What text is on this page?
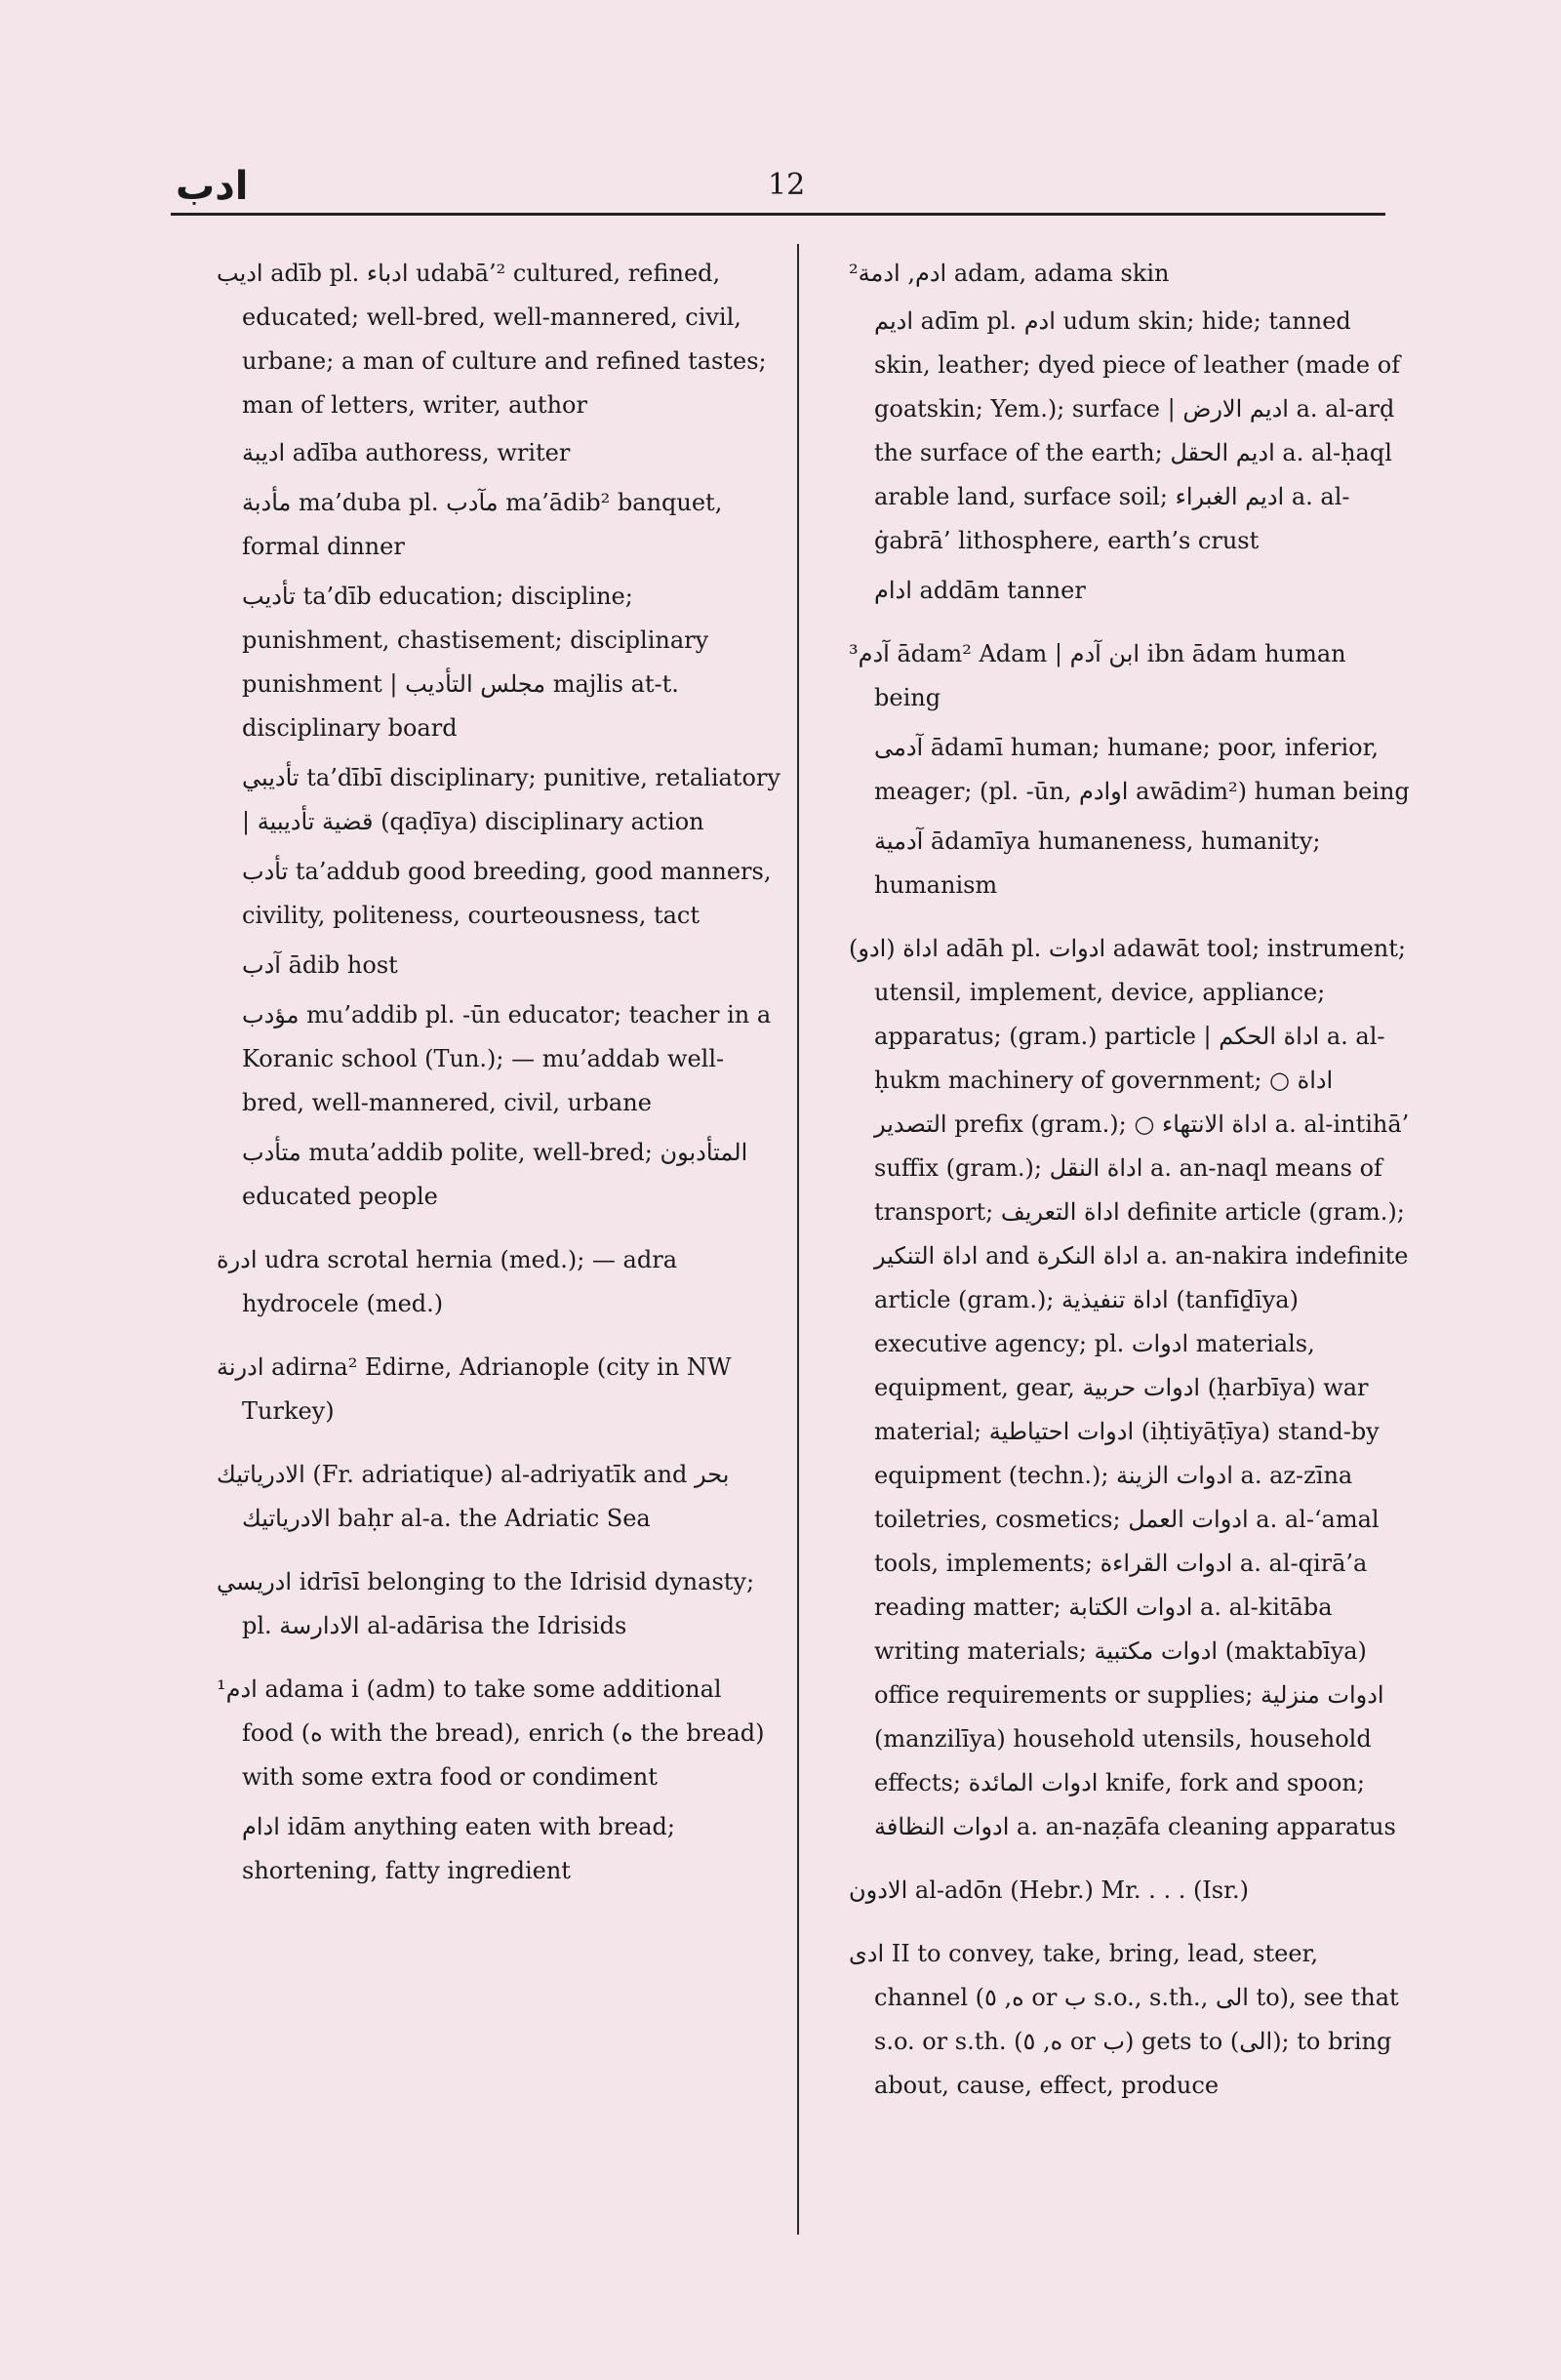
ادب	12

اديب adīb pl. ادباء udabā’² cultured, refined, educated; well-bred, well-mannered, civil, urbane; a man of culture and refined tastes; man of letters, writer, author

اديبة adība authoress, writer

مأدبة ma’duba pl. مآدب ma’ādib² banquet, formal dinner

تأديب ta’dīb education; discipline; punishment, chastisement; disciplinary punishment | مجلس التأديب majlis at-t. disciplinary board

تأديبي ta’dībī disciplinary; punitive, retaliatory | قضية تأديبية (qaḍīya) disciplinary action

تأدب ta’addub good breeding, good manners, civility, politeness, courteousness, tact

آدب ādib host

مؤدب mu’addib pl. -ūn educator; teacher in a Koranic school (Tun.); — mu’addab well-bred, well-mannered, civil, urbane

متأدب muta’addib polite, well-bred; المتأدبون educated people

ادرة udra scrotal hernia (med.); — adra hydrocele (med.)

ادرنة adirna² Edirne, Adrianople (city in NW Turkey)

الادرياتيك (Fr. adriatique) al-adriyatīk and بحر الادرياتيك baḥr al-a. the Adriatic Sea

ادريسي idrīsī belonging to the Idrisid dynasty; pl. الادارسة al-adārisa the Idrisids

¹ادم adama i (adm) to take some additional food (ه with the bread), enrich (ه the bread) with some extra food or condiment

ادام idām anything eaten with bread; shortening, fatty ingredient

²ادم, ادمة adam, adama skin

اديم adīm pl. ادم udum skin; hide; tanned skin, leather; dyed piece of leather (made of goatskin; Yem.); surface | اديم الارض a. al-arḍ the surface of the earth; اديم الحقل a. al-ḥaql arable land, surface soil; اديم الغبراء a. al-ġabrā’ lithosphere, earth’s crust

ادام addām tanner

³آدم ādam² Adam | ابن آدم ibn ādam human being

آدمى ādamī human; humane; poor, inferior, meager; (pl. -ūn, اوادم awādim²) human being

آدمية ādamīya humaneness, humanity; humanism

اداة (ادو) adāh pl. ادوات adawāt tool; instrument; utensil, implement, device, appliance; apparatus; (gram.) particle | اداة الحكم a. al-ḥukm machinery of government; ○ اداة التصدير prefix (gram.); ○ اداة الانتهاء a. al-intihā’ suffix (gram.); اداة النقل a. an-naql means of transport; اداة التعريف definite article (gram.); اداة التنكير and اداة النكرة a. an-nakira indefinite article (gram.); اداة تنفيذية (tanfīḏīya) executive agency; pl. ادوات materials, equipment, gear, ادوات حربية (ḥarbīya) war material; ادوات احتياطية (iḥtiyāṭīya) stand-by equipment (techn.); ادوات الزينة a. az-zīna toiletries, cosmetics; ادوات العمل a. al-‘amal tools, implements; ادوات القراءة a. al-qirā’a reading matter; ادوات الكتابة a. al-kitāba writing materials; ادوات مكتبية (maktabīya) office requirements or supplies; ادوات منزلية (manzilīya) household utensils, household effects; ادوات المائدة knife, fork and spoon; ادوات النظافة a. an-naẓāfa cleaning apparatus

الادون al-adōn (Hebr.) Mr. . . . (Isr.)

ادى II to convey, take, bring, lead, steer, channel (ه, ٥ or ب s.o., s.th., الى to), see that s.o. or s.th. (ه, ٥ or ب) gets to (الى); to bring about, cause, effect, produce
